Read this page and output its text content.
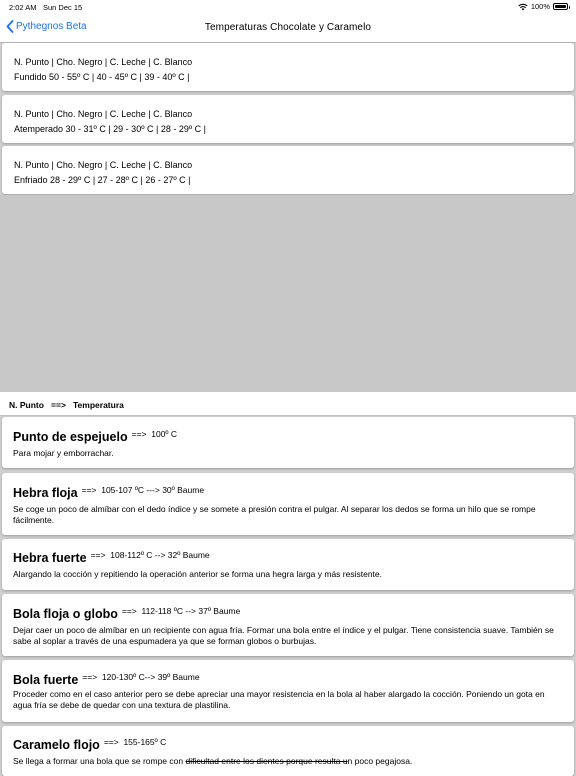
2:02 AM Sun Dec 15	100%
Pythegnos Beta	Temperaturas Chocolate y Caramelo
N. Punto | Cho. Negro | C. Leche | C. Blanco
Fundido 50 - 55º C | 40 - 45º C | 39 - 40º C |
N. Punto | Cho. Negro | C. Leche | C. Blanco
Atemperado 30 - 31º C | 29 - 30º C | 28 - 29º C |
N. Punto | Cho. Negro | C. Leche | C. Blanco
Enfriado 28 - 29º C | 27 - 28º C | 26 - 27º C |
N. Punto   ==>   Temperatura
Punto de espejuelo ==>  100º C
Para mojar y emborrachar.
Hebra floja ==>  105-107 ºC ---> 30º Baume
Se coge un poco de almíbar con el dedo índice y se somete a presión contra el pulgar. Al separar los dedos se forma un hilo que se rompe fácilmente.
Hebra fuerte ==>  108-112º C --> 32º Baume
Alargando la cocción y repitiendo la operación anterior se forma una hegra larga y más resistente.
Bola floja o globo ==>  112-118 ºC --> 37º Baume
Dejar caer un poco de almíbar en un recipiente con agua fría. Formar una bola entre el índice y el pulgar. Tiene consistencia suave. También se sabe al soplar a través de una espumadera ya que se forman globos o burbujas.
Bola fuerte ==>  120-130º C--> 39º Baume
Proceder como en el caso anterior pero se debe apreciar una mayor resistencia en la bola al haber alargado la cocción. Poniendo un gota en agua fría se debe de quedar con una textura de plastilina.
Caramelo flojo ==>  155-165º C
Se llega a formar una bola que se rompe con dificultad entre los dientes porque resulta un poco pegajosa.
